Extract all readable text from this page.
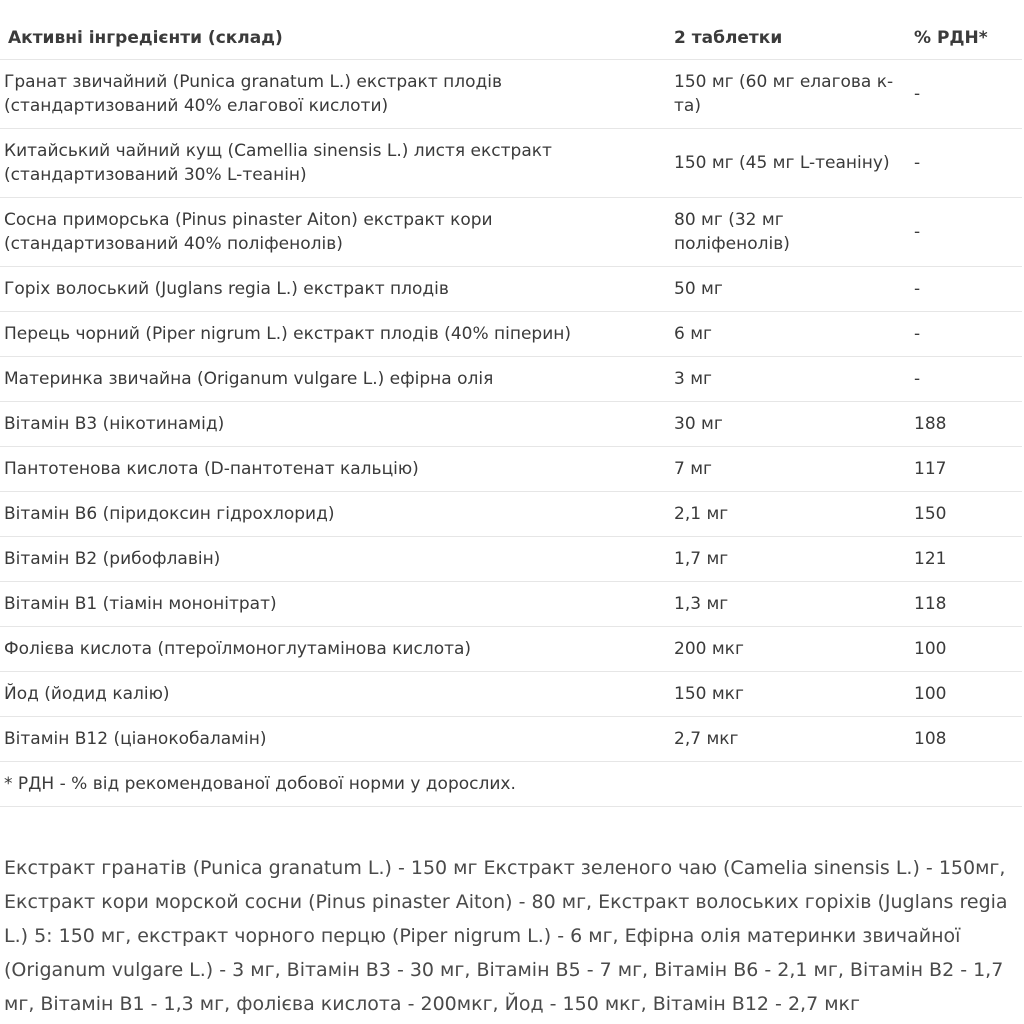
Активні інгредієнти (склад)	2 таблетки	% РДН*
Гранат звичайний (Punica granatum L.) екстракт плодів (стандартизований 40% елагової кислоти)	150 мг (60 мг елагова к-та)	-
Китайський чайний кущ (Camellia sinensis L.) листя екстракт (стандартизований 30% L-теанін)	150 мг (45 мг L-теаніну)	-
Сосна приморська (Pinus pinaster Aiton) екстракт кори (стандартизований 40% поліфенолів)	80 мг (32 мг поліфенолів)	-
Горіх волоський (Juglans regia L.) екстракт плодів	50 мг	-
Перець чорний (Piper nigrum L.) екстракт плодів (40% піперин)	6 мг	-
Материнка звичайна (Origanum vulgare L.) ефірна олія	3 мг	-
Вітамін B3 (нікотинамід)	30 мг	188
Пантотенова кислота (D-пантотенат кальцію)	7 мг	117
Вітамін B6 (піридоксин гідрохлорид)	2,1 мг	150
Вітамін B2 (рибофлавін)	1,7 мг	121
Вітамін B1 (тіамін мононітрат)	1,3 мг	118
Фолієва кислота (птероїлмоноглутамінова кислота)	200 мкг	100
Йод (йодид калію)	150 мкг	100
Вітамін B12 (ціанокобаламін)	2,7 мкг	108
* РДН - % від рекомендованої добової норми у дорослих.		

Екстракт гранатів (Punica granatum L.) - 150 мг Екстракт зеленого чаю (Camelia sinensis L.) - 150мг, Екстракт кори морской сосни (Pinus pinaster Aiton) - 80 мг, Екстракт волоських горіхів (Juglans regia L.) 5: 150 мг, екстракт чорного перцю (Piper nigrum L.) - 6 мг, Ефірна олія материнки звичайної (Origanum vulgare L.) - 3 мг, Вітамін B3 - 30 мг, Вітамін B5 - 7 мг, Вітамін B6 - 2,1 мг, Вітамін B2 - 1,7 мг, Вітамін B1 - 1,3 мг, фолієва кислота - 200мкг, Йод - 150 мкг, Вітамін B12 - 2,7 мкг
